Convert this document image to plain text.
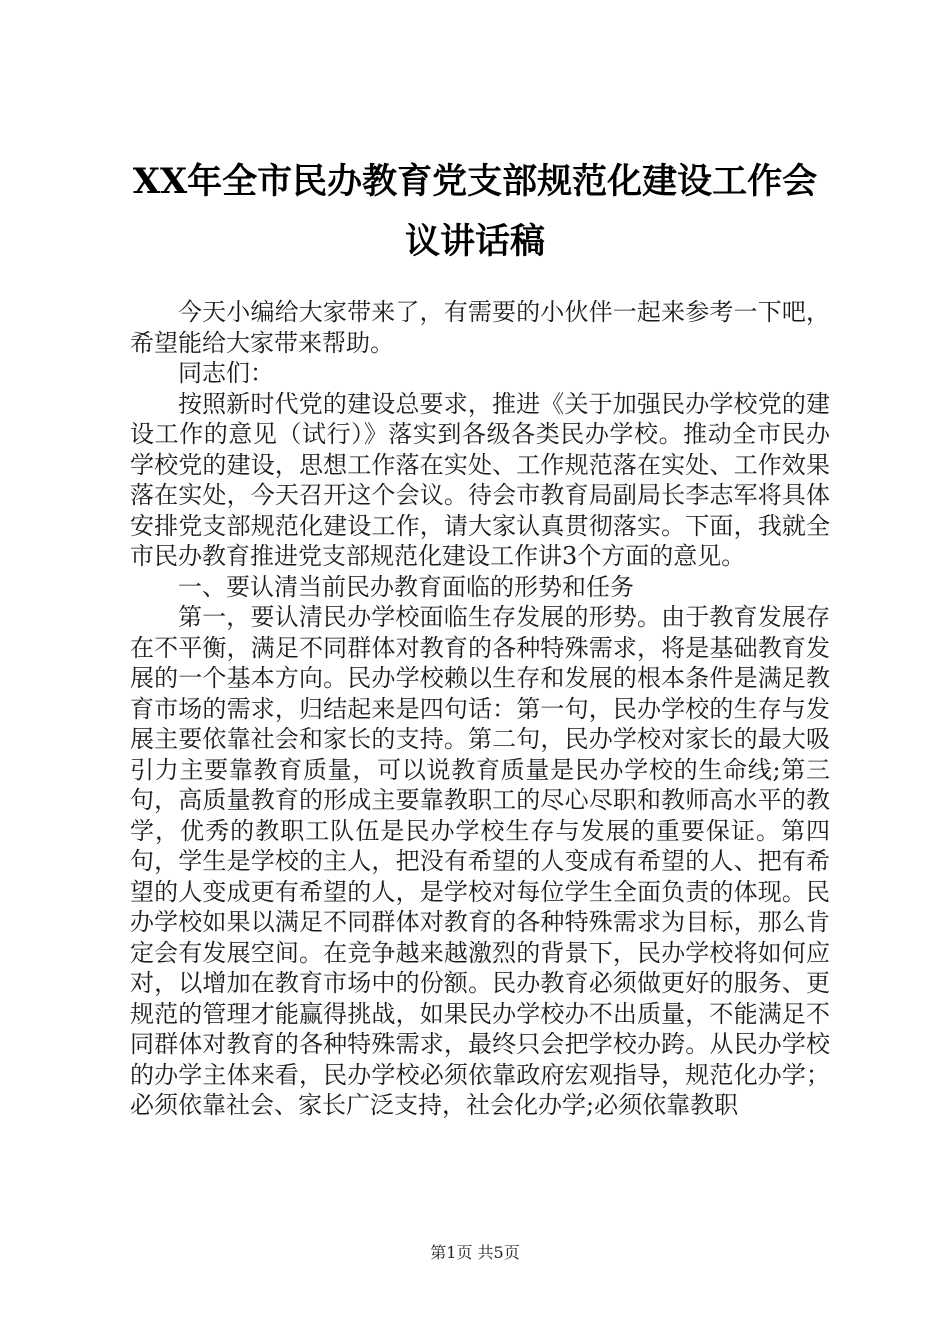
XX年全市民办教育党支部规范化建设工作会
议讲话稿

今天小编给大家带来了，有需要的小伙伴一起来参考一下吧，希望能给大家带来帮助。

同志们：

按照新时代党的建设总要求，推进《关于加强民办学校党的建设工作的意见（试行）》落实到各级各类民办学校。推动全市民办学校党的建设，思想工作落在实处、工作规范落在实处、工作效果落在实处，今天召开这个会议。待会市教育局副局长李志军将具体安排党支部规范化建设工作，请大家认真贯彻落实。下面，我就全市民办教育推进党支部规范化建设工作讲3个方面的意见。

一、要认清当前民办教育面临的形势和任务

第一，要认清民办学校面临生存发展的形势。由于教育发展存在不平衡，满足不同群体对教育的各种特殊需求，将是基础教育发展的一个基本方向。民办学校赖以生存和发展的根本条件是满足教育市场的需求，归结起来是四句话：第一句，民办学校的生存与发展主要依靠社会和家长的支持。第二句，民办学校对家长的最大吸引力主要靠教育质量，可以说教育质量是民办学校的生命线;第三句，高质量教育的形成主要靠教职工的尽心尽职和教师高水平的教学，优秀的教职工队伍是民办学校生存与发展的重要保证。第四句，学生是学校的主人，把没有希望的人变成有希望的人、把有希望的人变成更有希望的人，是学校对每位学生全面负责的体现。民办学校如果以满足不同群体对教育的各种特殊需求为目标，那么肯定会有发展空间。在竞争越来越激烈的背景下，民办学校将如何应对，以增加在教育市场中的份额。民办教育必须做更好的服务、更规范的管理才能赢得挑战，如果民办学校办不出质量，不能满足不同群体对教育的各种特殊需求，最终只会把学校办跨。从民办学校的办学主体来看，民办学校必须依靠政府宏观指导，规范化办学；必须依靠社会、家长广泛支持，社会化办学;必须依靠教职

第1页 共5页
